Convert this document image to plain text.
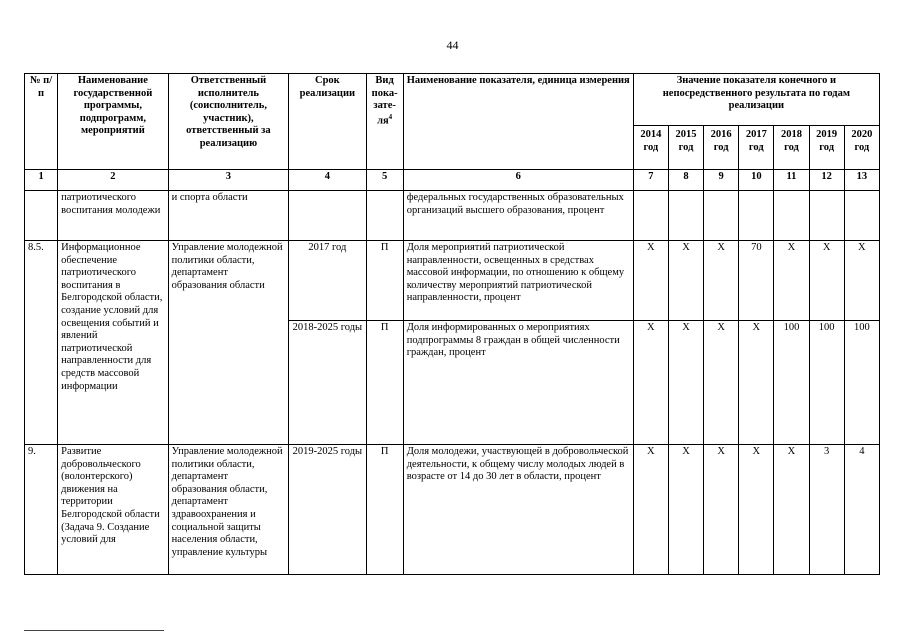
44
№ п/п	Наименование государственной программы, подпрограмм, мероприятий	Ответственный исполнитель (соисполнитель, участник), ответственный за реализацию	Срок реализации	Вид пока-$зате-ля^4$	Наименование показателя, единица измерения	Значение показателя конечного и непосредственного результата по годам реализации						
						2014 год	2015 год	2016 год	2017 год	2018 год	2019 год	2020 год
1	2	3	4	5	6	7	8	9	10	11	12	13
	патриотического воспитания молодежи	и спорта области			федеральных государственных образовательных организаций высшего образования, процент							
8.5.	Информационное обеспечение патриотического воспитания в Белгородской области, создание условий для освещения событий и явлений патриотической направленности для средств массовой информации	Управление молодежной политики области, департамент образования области	2017 год	П	Доля мероприятий патриотической направленности, освещенных в средствах массовой информации, по отношению к общему количеству мероприятий патриотической направленности, процент	Х	Х	Х	70	Х	Х	Х
			2018-2025 годы	П	Доля информированных о мероприятиях подпрограммы 8 граждан в общей численности граждан, процент	Х	Х	Х	Х	100	100	100
9.	Развитие добровольческого (волонтерского) движения на территории Белгородской области (Задача 9. Создание условий для	Управление молодежной политики области, департамент образования области, департамент здравоохранения и социальной защиты населения области, управление культуры	2019-2025 годы	П	Доля молодежи, участвующей в добровольческой деятельности, к общему числу молодых людей в возрасте от 14 до 30 лет в области, процент	Х	Х	Х	Х	Х	3	4
